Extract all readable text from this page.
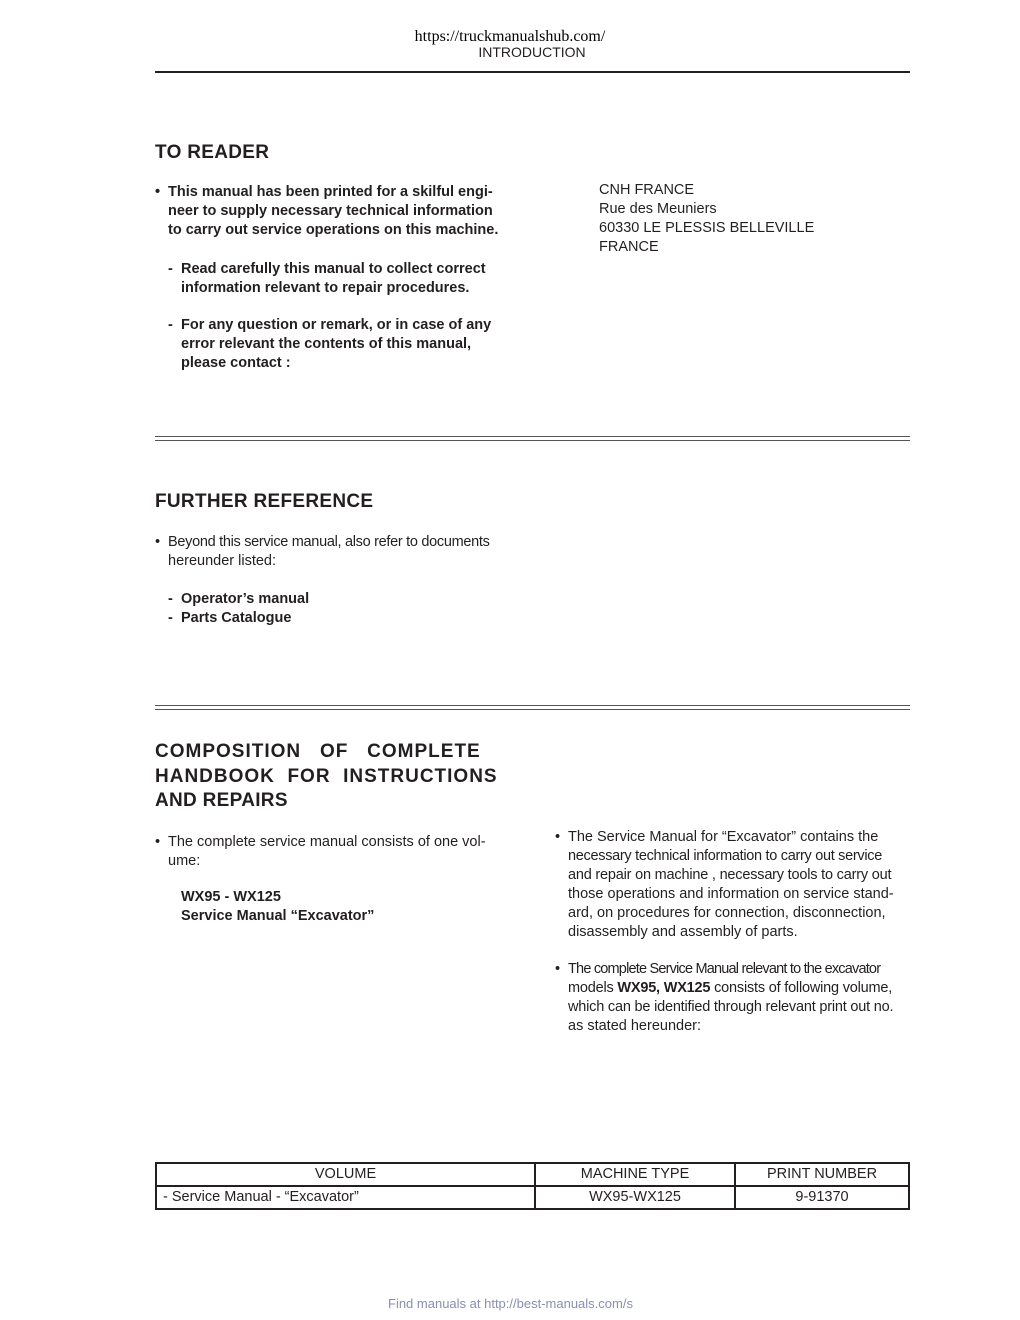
https://truckmanualshub.com/
INTRODUCTION
TO READER
• This manual has been printed for a skilful engi-
neer to supply necessary technical information
to carry out service operations on this machine.
- Read carefully this manual to collect correct
information relevant to repair procedures.
- For any question or remark, or in case of any
error relevant the contents of this manual,
please contact :
CNH FRANCE
Rue des Meuniers
60330 LE PLESSIS BELLEVILLE
FRANCE
FURTHER REFERENCE
• Beyond this service manual, also refer to documents
hereunder listed:
- Operator’s manual
- Parts Catalogue
COMPOSITION   OF   COMPLETE
HANDBOOK  FOR  INSTRUCTIONS
AND REPAIRS
• The complete service manual consists of one vol-
ume:
WX95 - WX125
Service Manual “Excavator”
• The Service Manual for “Excavator” contains the
necessary technical information to carry out service
and repair on machine , necessary tools to carry out
those operations and information on service stand-
ard, on procedures for connection, disconnection,
disassembly and assembly of parts.
• The complete Service Manual relevant to the excavator
models WX95, WX125 consists of following volume,
which can be identified through relevant print out no.
as stated hereunder:
VOLUME	MACHINE TYPE	PRINT NUMBER
- Service Manual - “Excavator”	WX95-WX125	9-91370
Find manuals at http://best-manuals.com/s
